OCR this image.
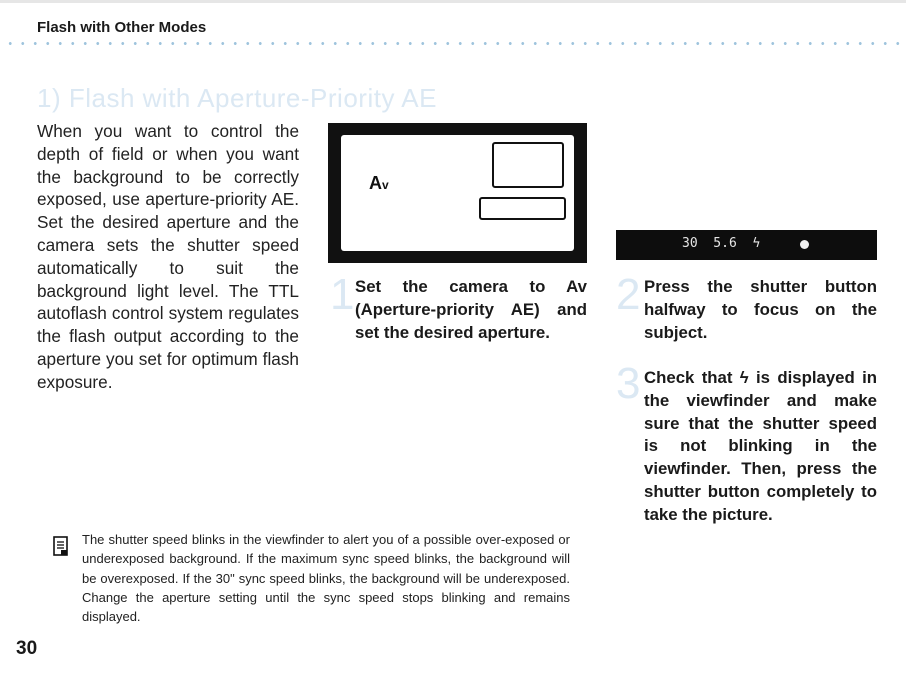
Flash with Other Modes
1) Flash with Aperture-Priority AE
When you want to control the depth of field or when you want the background to be correctly exposed, use aperture-priority AE. Set the desired aperture and the camera sets the shutter speed automatically to suit the background light level. The TTL autoflash control system regulates the flash output according to the aperture you set for optimum flash exposure.
Av
1 Set the camera to Av (Aperture-priority AE) and set the desired aperture.
30  5.6  ϟ
2 Press the shutter button halfway to focus on the subject.
3 Check that ϟ is displayed in the viewfinder and make sure that the shutter speed is not blinking in the viewfinder. Then, press the shutter button completely to take the picture.
The shutter speed blinks in the viewfinder to alert you of a possible over-exposed or underexposed background. If the maximum sync speed blinks, the background will be overexposed. If the 30" sync speed blinks, the background will be underexposed. Change the aperture setting until the sync speed stops blinking and remains displayed.
30
